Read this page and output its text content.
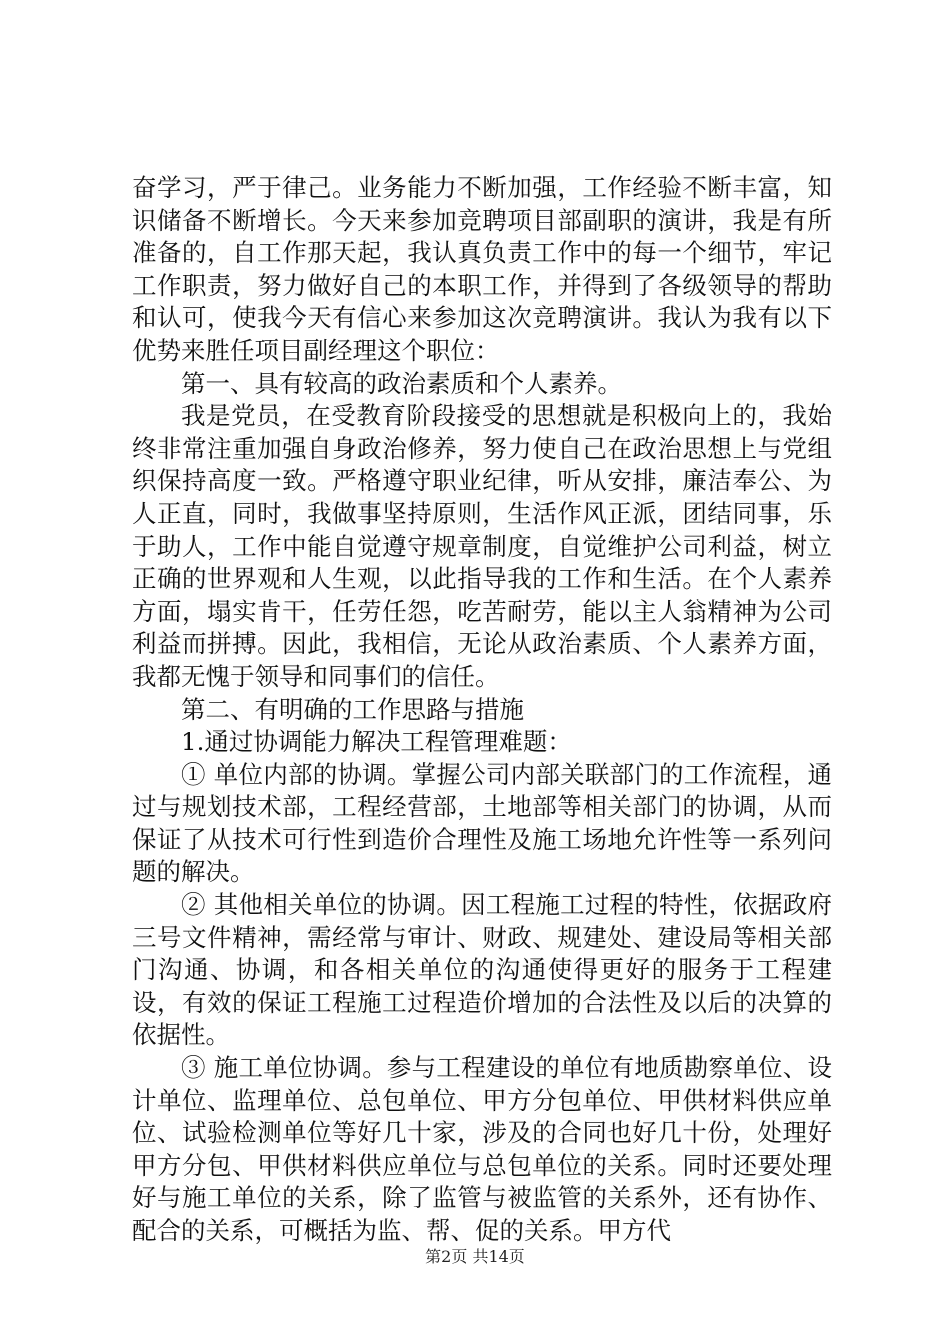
奋学习，严于律己。业务能力不断加强，工作经验不断丰富，知识储备不断增长。今天来参加竞聘项目部副职的演讲，我是有所准备的，自工作那天起，我认真负责工作中的每一个细节，牢记工作职责，努力做好自己的本职工作，并得到了各级领导的帮助和认可，使我今天有信心来参加这次竞聘演讲。我认为我有以下优势来胜任项目副经理这个职位：

第一、具有较高的政治素质和个人素养。

我是党员，在受教育阶段接受的思想就是积极向上的，我始终非常注重加强自身政治修养，努力使自己在政治思想上与党组织保持高度一致。严格遵守职业纪律，听从安排，廉洁奉公、为人正直，同时，我做事坚持原则，生活作风正派，团结同事，乐于助人，工作中能自觉遵守规章制度，自觉维护公司利益，树立正确的世界观和人生观，以此指导我的工作和生活。在个人素养方面，塌实肯干，任劳任怨，吃苦耐劳，能以主人翁精神为公司利益而拼搏。因此，我相信，无论从政治素质、个人素养方面，我都无愧于领导和同事们的信任。

第二、有明确的工作思路与措施

1.通过协调能力解决工程管理难题：

① 单位内部的协调。掌握公司内部关联部门的工作流程，通过与规划技术部，工程经营部，土地部等相关部门的协调，从而保证了从技术可行性到造价合理性及施工场地允许性等一系列问题的解决。

② 其他相关单位的协调。因工程施工过程的特性，依据政府三号文件精神，需经常与审计、财政、规建处、建设局等相关部门沟通、协调，和各相关单位的沟通使得更好的服务于工程建设，有效的保证工程施工过程造价增加的合法性及以后的决算的依据性。

③ 施工单位协调。参与工程建设的单位有地质勘察单位、设计单位、监理单位、总包单位、甲方分包单位、甲供材料供应单位、试验检测单位等好几十家，涉及的合同也好几十份，处理好甲方分包、甲供材料供应单位与总包单位的关系。同时还要处理好与施工单位的关系，除了监管与被监管的关系外，还有协作、配合的关系，可概括为监、帮、促的关系。甲方代

第2页 共14页
